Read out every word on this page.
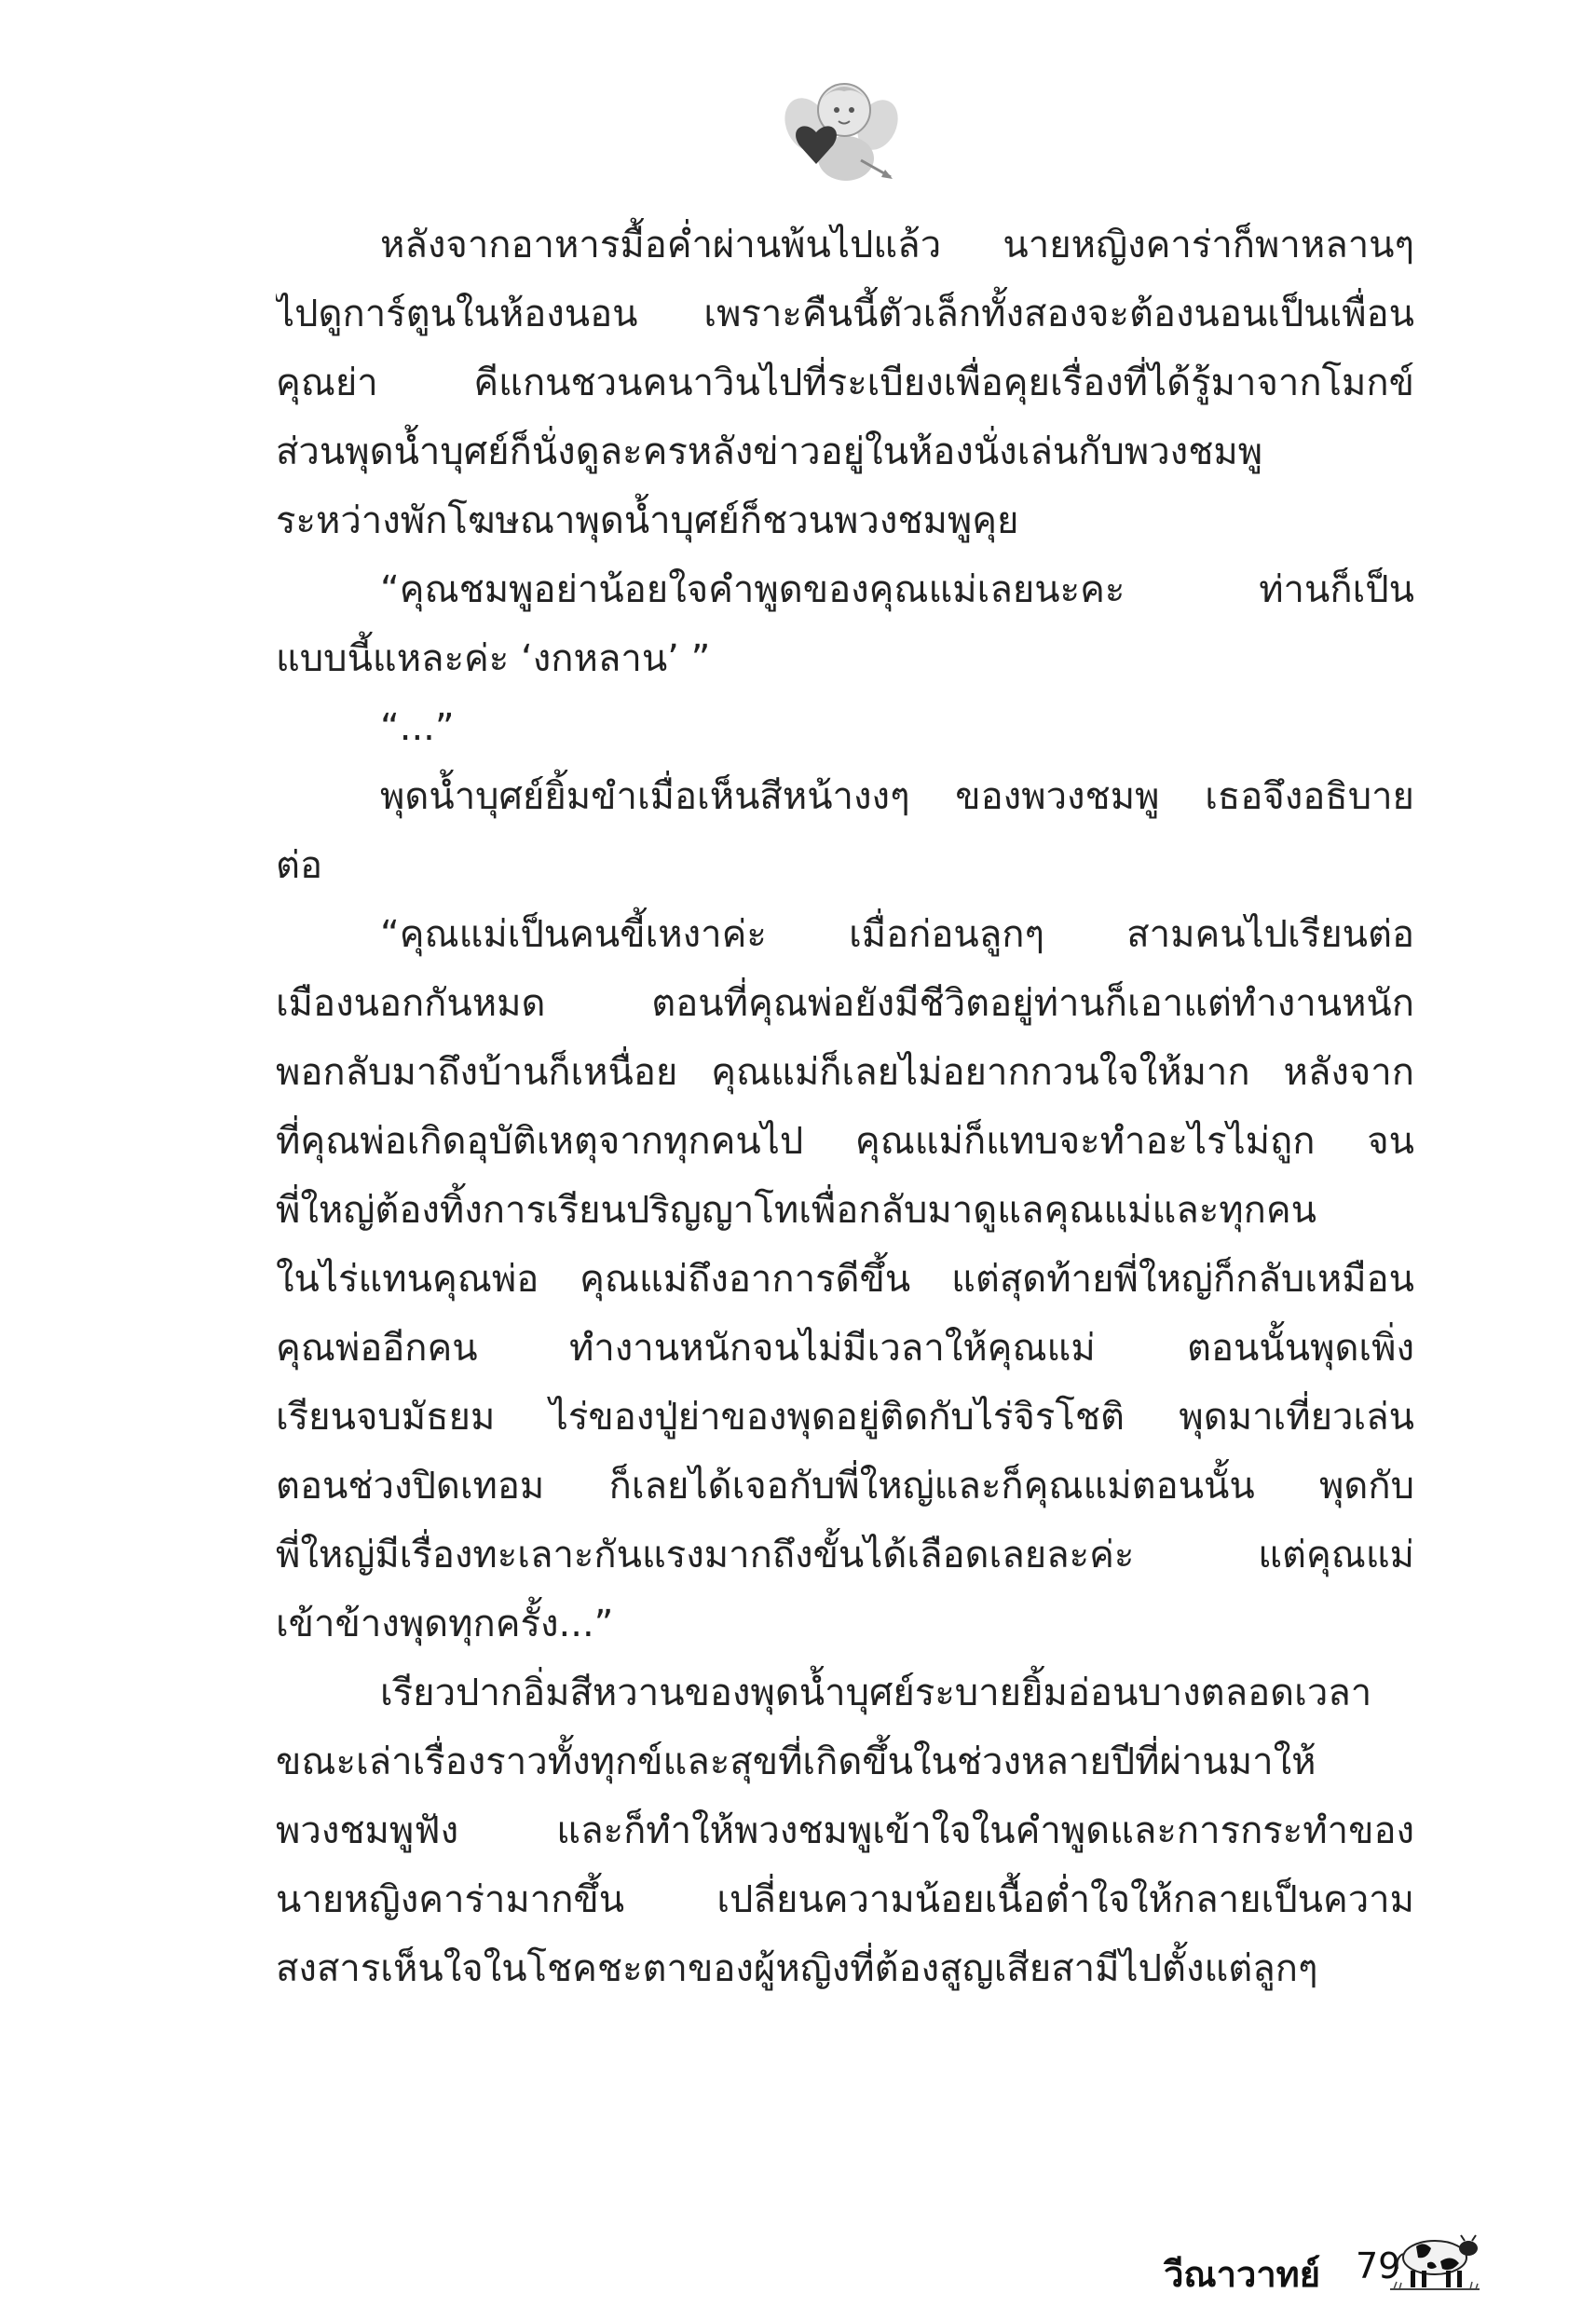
หลังจากอาหารมื้อค่ำผ่านพ้นไปแล้ว นายหญิงคาร่าก็พาหลานๆ
ไปดูการ์ตูนในห้องนอน เพราะคืนนี้ตัวเล็กทั้งสองจะต้องนอนเป็นเพื่อน
คุณย่า คีแกนชวนคนาวินไปที่ระเบียงเพื่อคุยเรื่องที่ได้รู้มาจากโมกข์
ส่วนพุดน้ำบุศย์ก็นั่งดูละครหลังข่าวอยู่ในห้องนั่งเล่นกับพวงชมพู
ระหว่างพักโฆษณาพุดน้ำบุศย์ก็ชวนพวงชมพูคุย
“คุณชมพูอย่าน้อยใจคำพูดของคุณแม่เลยนะคะ ท่านก็เป็น
แบบนี้แหละค่ะ ‘งกหลาน’ ”
“...”
พุดน้ำบุศย์ยิ้มขำเมื่อเห็นสีหน้างงๆ ของพวงชมพู เธอจึงอธิบาย
ต่อ
“คุณแม่เป็นคนขี้เหงาค่ะ เมื่อก่อนลูกๆ สามคนไปเรียนต่อ
เมืองนอกกันหมด ตอนที่คุณพ่อยังมีชีวิตอยู่ท่านก็เอาแต่ทำงานหนัก
พอกลับมาถึงบ้านก็เหนื่อย คุณแม่ก็เลยไม่อยากกวนใจให้มาก หลังจาก
ที่คุณพ่อเกิดอุบัติเหตุจากทุกคนไป คุณแม่ก็แทบจะทำอะไรไม่ถูก จน
พี่ใหญ่ต้องทิ้งการเรียนปริญญาโทเพื่อกลับมาดูแลคุณแม่และทุกคน
ในไร่แทนคุณพ่อ คุณแม่ถึงอาการดีขึ้น แต่สุดท้ายพี่ใหญ่ก็กลับเหมือน
คุณพ่ออีกคน ทำงานหนักจนไม่มีเวลาให้คุณแม่ ตอนนั้นพุดเพิ่ง
เรียนจบมัธยม ไร่ของปู่ย่าของพุดอยู่ติดกับไร่จิรโชติ พุดมาเที่ยวเล่น
ตอนช่วงปิดเทอม ก็เลยได้เจอกับพี่ใหญ่และก็คุณแม่ตอนนั้น พุดกับ
พี่ใหญ่มีเรื่องทะเลาะกันแรงมากถึงขั้นได้เลือดเลยละค่ะ แต่คุณแม่
เข้าข้างพุดทุกครั้ง...”
เรียวปากอิ่มสีหวานของพุดน้ำบุศย์ระบายยิ้มอ่อนบางตลอดเวลา
ขณะเล่าเรื่องราวทั้งทุกข์และสุขที่เกิดขึ้นในช่วงหลายปีที่ผ่านมาให้
พวงชมพูฟัง และก็ทำให้พวงชมพูเข้าใจในคำพูดและการกระทำของ
นายหญิงคาร่ามากขึ้น เปลี่ยนความน้อยเนื้อต่ำใจให้กลายเป็นความ
สงสารเห็นใจในโชคชะตาของผู้หญิงที่ต้องสูญเสียสามีไปตั้งแต่ลูกๆ
วีณาวาทย์ 79
